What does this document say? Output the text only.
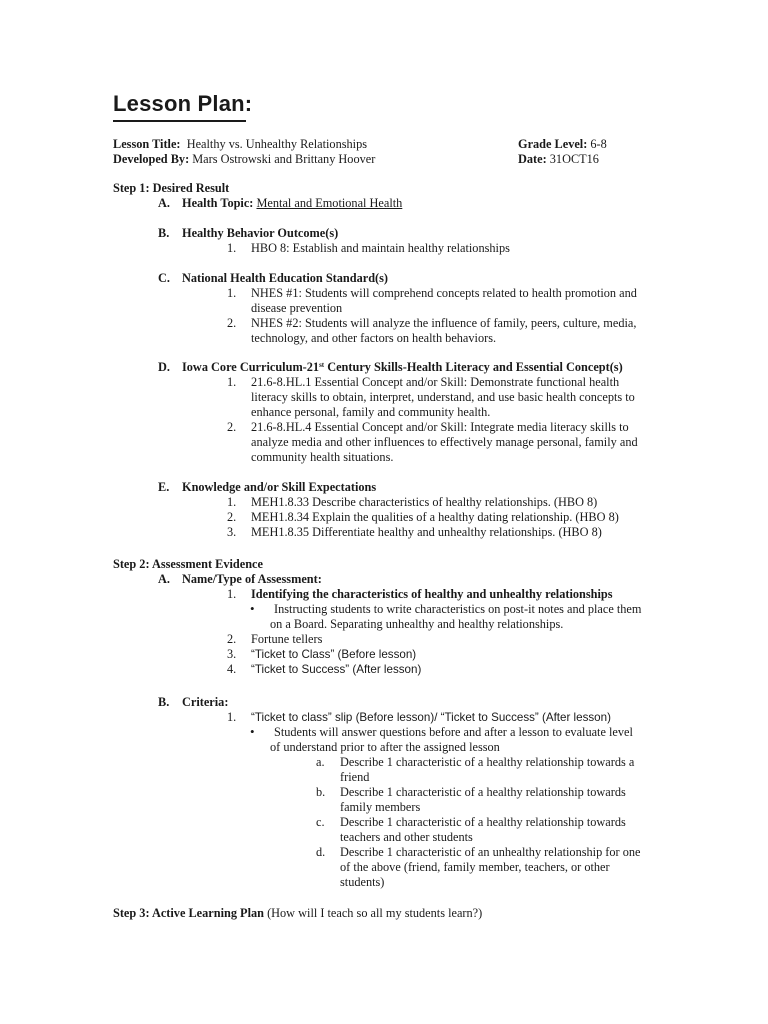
Lesson Plan:
Lesson Title: Healthy vs. Unhealthy Relationships
Developed By: Mars Ostrowski and Brittany Hoover
Grade Level: 6-8
Date: 31OCT16
Step 1: Desired Result
A. Health Topic: Mental and Emotional Health
B. Healthy Behavior Outcome(s)
1. HBO 8: Establish and maintain healthy relationships
C. National Health Education Standard(s)
1. NHES #1: Students will comprehend concepts related to health promotion and
disease prevention
2. NHES #2: Students will analyze the influence of family, peers, culture, media,
technology, and other factors on health behaviors.
D. Iowa Core Curriculum-21st Century Skills-Health Literacy and Essential Concept(s)
1. 21.6-8.HL.1 Essential Concept and/or Skill: Demonstrate functional health
literacy skills to obtain, interpret, understand, and use basic health concepts to
enhance personal, family and community health.
2. 21.6-8.HL.4 Essential Concept and/or Skill: Integrate media literacy skills to
analyze media and other influences to effectively manage personal, family and
community health situations.
E. Knowledge and/or Skill Expectations
1. MEH1.8.33 Describe characteristics of healthy relationships. (HBO 8)
2. MEH1.8.34 Explain the qualities of a healthy dating relationship. (HBO 8)
3. MEH1.8.35 Differentiate healthy and unhealthy relationships. (HBO 8)
Step 2: Assessment Evidence
A. Name/Type of Assessment:
1. Identifying the characteristics of healthy and unhealthy relationships
• Instructing students to write characteristics on post-it notes and place them
on a Board. Separating unhealthy and healthy relationships.
2. Fortune tellers
3. “Ticket to Class” (Before lesson)
4. “Ticket to Success” (After lesson)
B. Criteria:
1. “Ticket to class” slip (Before lesson)/ “Ticket to Success” (After lesson)
• Students will answer questions before and after a lesson to evaluate level
of understand prior to after the assigned lesson
a. Describe 1 characteristic of a healthy relationship towards a
friend
b. Describe 1 characteristic of a healthy relationship towards
family members
c. Describe 1 characteristic of a healthy relationship towards
teachers and other students
d. Describe 1 characteristic of an unhealthy relationship for one
of the above (friend, family member, teachers, or other
students)
Step 3: Active Learning Plan (How will I teach so all my students learn?)
